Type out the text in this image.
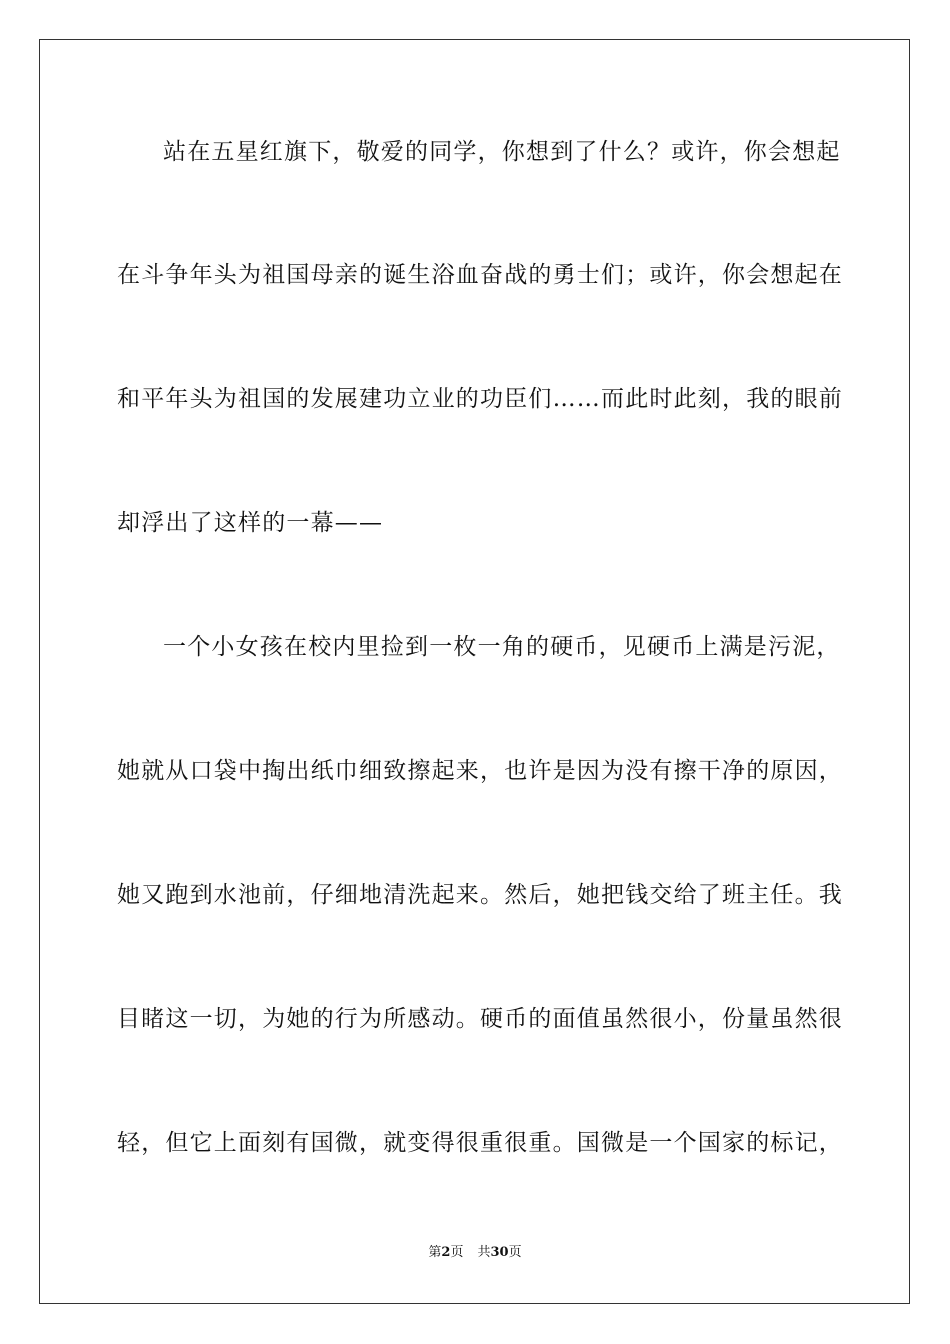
站在五星红旗下，敬爱的同学，你想到了什么？或许，你会想起
在斗争年头为祖国母亲的诞生浴血奋战的勇士们；或许，你会想起在
和平年头为祖国的发展建功立业的功臣们……而此时此刻，我的眼前
却浮出了这样的一幕——
一个小女孩在校内里捡到一枚一角的硬币，见硬币上满是污泥，
她就从口袋中掏出纸巾细致擦起来，也许是因为没有擦干净的原因，
她又跑到水池前，仔细地清洗起来。然后，她把钱交给了班主任。我
目睹这一切，为她的行为所感动。硬币的面值虽然很小，份量虽然很
轻，但它上面刻有国微，就变得很重很重。国微是一个国家的标记，
第2页 共30页
